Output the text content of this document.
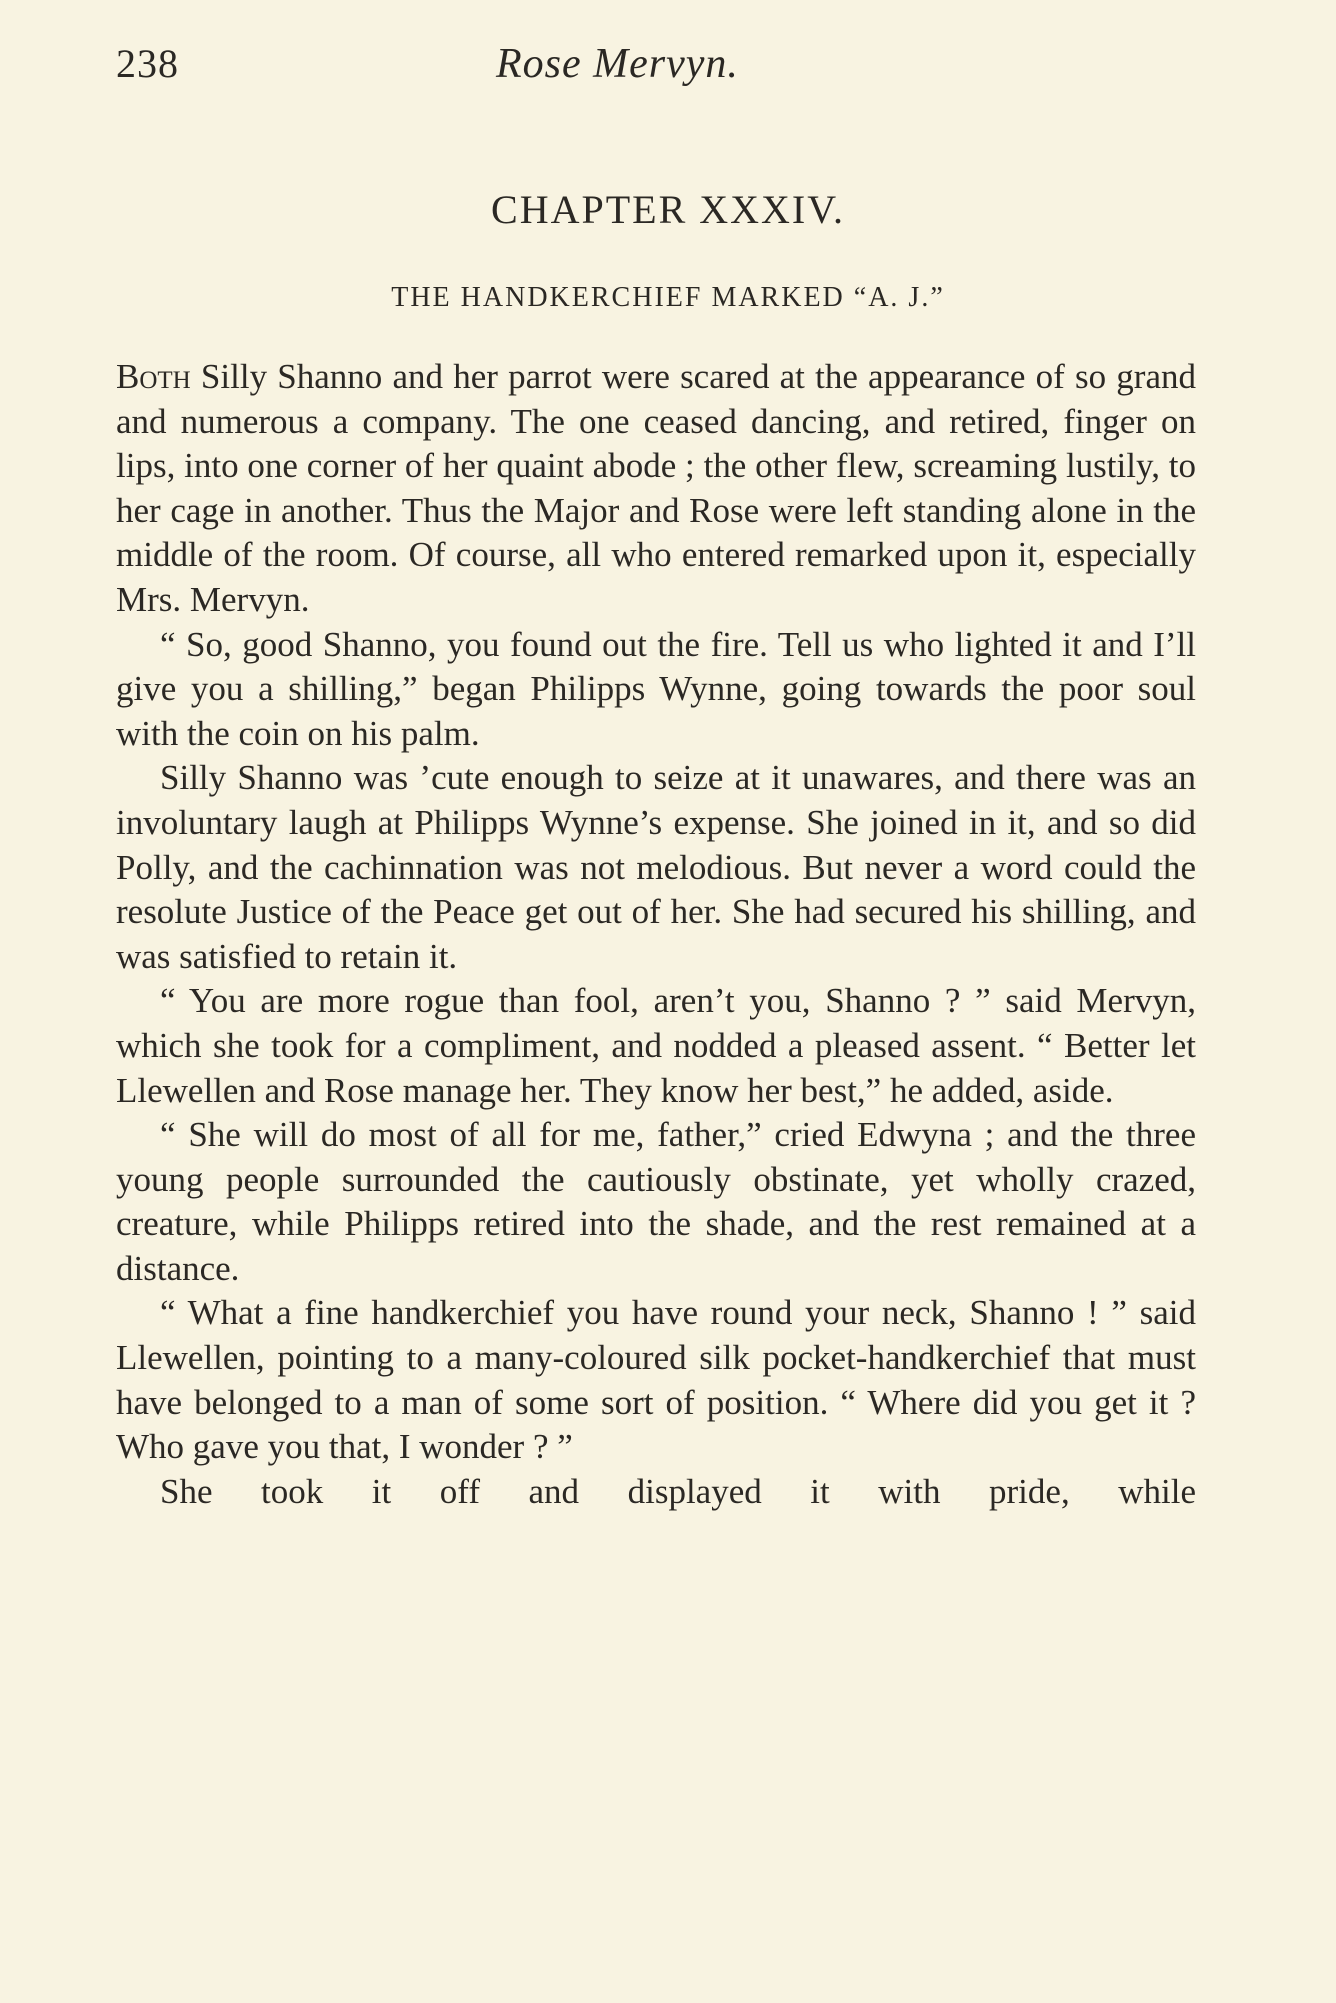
238	Rose Mervyn.
CHAPTER XXXIV.
THE HANDKERCHIEF MARKED “A. J.”

Both Silly Shanno and her parrot were scared at the appearance of so grand and numerous a company. The one ceased dancing, and retired, finger on lips, into one corner of her quaint abode ; the other flew, screaming lustily, to her cage in another. Thus the Major and Rose were left standing alone in the middle of the room. Of course, all who entered remarked upon it, especially Mrs. Mervyn.

“ So, good Shanno, you found out the fire. Tell us who lighted it and I’ll give you a shilling,” began Philipps Wynne, going towards the poor soul with the coin on his palm.

Silly Shanno was ’cute enough to seize at it unawares, and there was an involuntary laugh at Philipps Wynne’s expense. She joined in it, and so did Polly, and the cachinnation was not melodious. But never a word could the resolute Justice of the Peace get out of her. She had secured his shilling, and was satisfied to retain it.

“ You are more rogue than fool, aren’t you, Shanno ? ” said Mervyn, which she took for a compliment, and nodded a pleased assent. “ Better let Llewellen and Rose manage her. They know her best,” he added, aside.

“ She will do most of all for me, father,” cried Edwyna ; and the three young people surrounded the cautiously obstinate, yet wholly crazed, creature, while Philipps retired into the shade, and the rest remained at a distance.

“ What a fine handkerchief you have round your neck, Shanno ! ” said Llewellen, pointing to a many-coloured silk pocket-handkerchief that must have belonged to a man of some sort of position. “ Where did you get it ? Who gave you that, I wonder ? ”

She took it off and displayed it with pride, while
